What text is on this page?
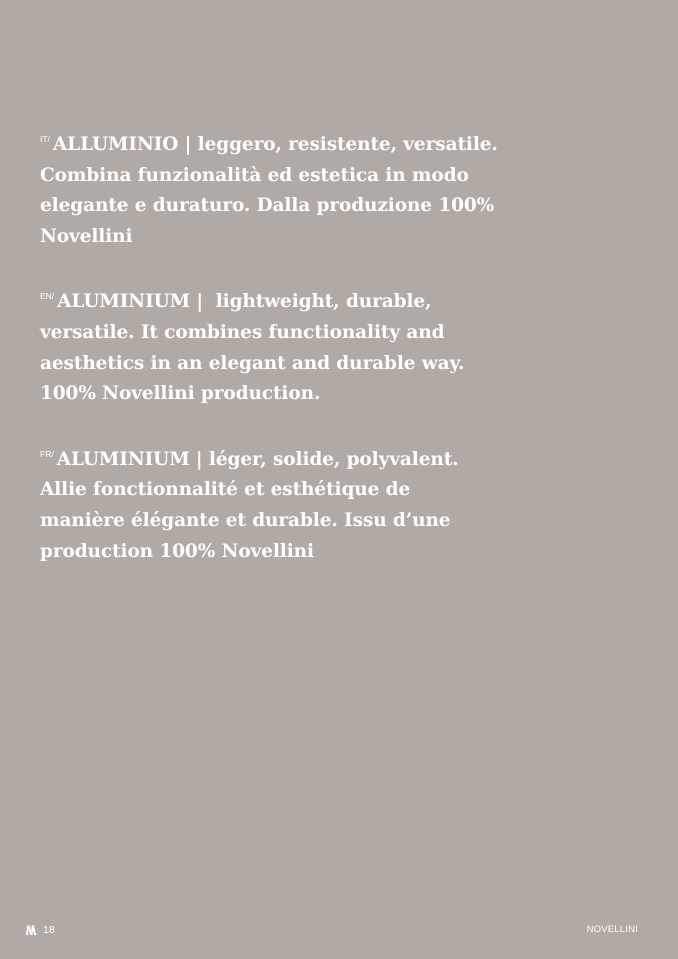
$^{IT/}$ ALLUMINIO | leggero, resistente, versatile.
Combina funzionalità ed estetica in modo
elegante e duraturo. Dalla produzione 100%
Novellini

$^{EN/}$ ALUMINIUM |  lightweight, durable,
versatile. It combines functionality and
aesthetics in an elegant and durable way.
100% Novellini production.

$^{FR/}$ ALUMINIUM | léger, solide, polyvalent.
Allie fonctionnalité et esthétique de
manière élégante et durable. Issu d’une
production 100% Novellini

18	NOVELLINI
